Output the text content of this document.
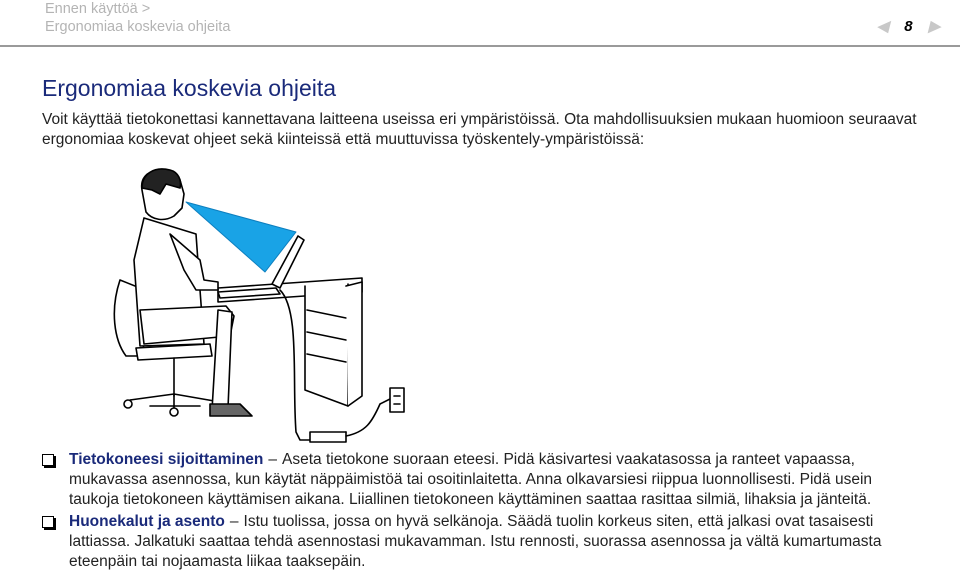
Ennen käyttöä >
Ergonomiaa koskevia ohjeita	◀	8	▶
Ergonomiaa koskevia ohjeita
Voit käyttää tietokonettasi kannettavana laitteena useissa eri ympäristöissä. Ota mahdollisuuksien mukaan huomioon seuraavat ergonomiaa koskevat ohjeet sekä kiinteissä että muuttuvissa työskentely-ympäristöissä:
Tietokoneesi sijoittaminen – Aseta tietokone suoraan eteesi. Pidä käsivartesi vaakatasossa ja ranteet vapaassa, mukavassa asennossa, kun käytät näppäimistöä tai osoitinlaitetta. Anna olkavarsiesi riippua luonnollisesti. Pidä usein taukoja tietokoneen käyttämisen aikana. Liiallinen tietokoneen käyttäminen saattaa rasittaa silmiä, lihaksia ja jänteitä.
Huonekalut ja asento – Istu tuolissa, jossa on hyvä selkänoja. Säädä tuolin korkeus siten, että jalkasi ovat tasaisesti lattiassa. Jalkatuki saattaa tehdä asennostasi mukavamman. Istu rennosti, suorassa asennossa ja vältä kumartumasta eteenpäin tai nojaamasta liikaa taaksepäin.
